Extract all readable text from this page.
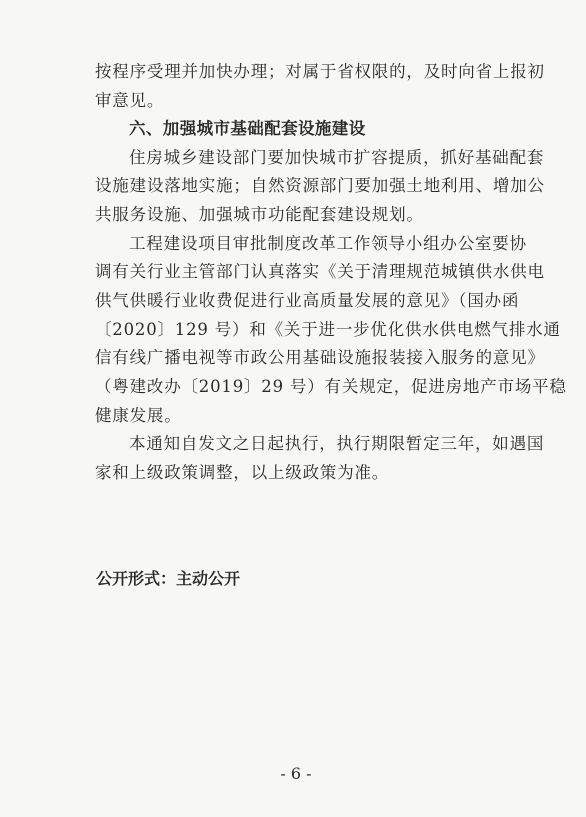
按程序受理并加快办理；对属于省权限的，及时向省上报初
审意见。
六、加强城市基础配套设施建设
住房城乡建设部门要加快城市扩容提质，抓好基础配套
设施建设落地实施；自然资源部门要加强土地利用、增加公
共服务设施、加强城市功能配套建设规划。
工程建设项目审批制度改革工作领导小组办公室要协
调有关行业主管部门认真落实《关于清理规范城镇供水供电
供气供暖行业收费促进行业高质量发展的意见》（国办函
〔2020〕129 号）和《关于进一步优化供水供电燃气排水通
信有线广播电视等市政公用基础设施报装接入服务的意见》
（粤建改办〔2019〕29 号）有关规定，促进房地产市场平稳
健康发展。
本通知自发文之日起执行，执行期限暂定三年，如遇国
家和上级政策调整，以上级政策为准。
公开形式：主动公开
- 6 -
